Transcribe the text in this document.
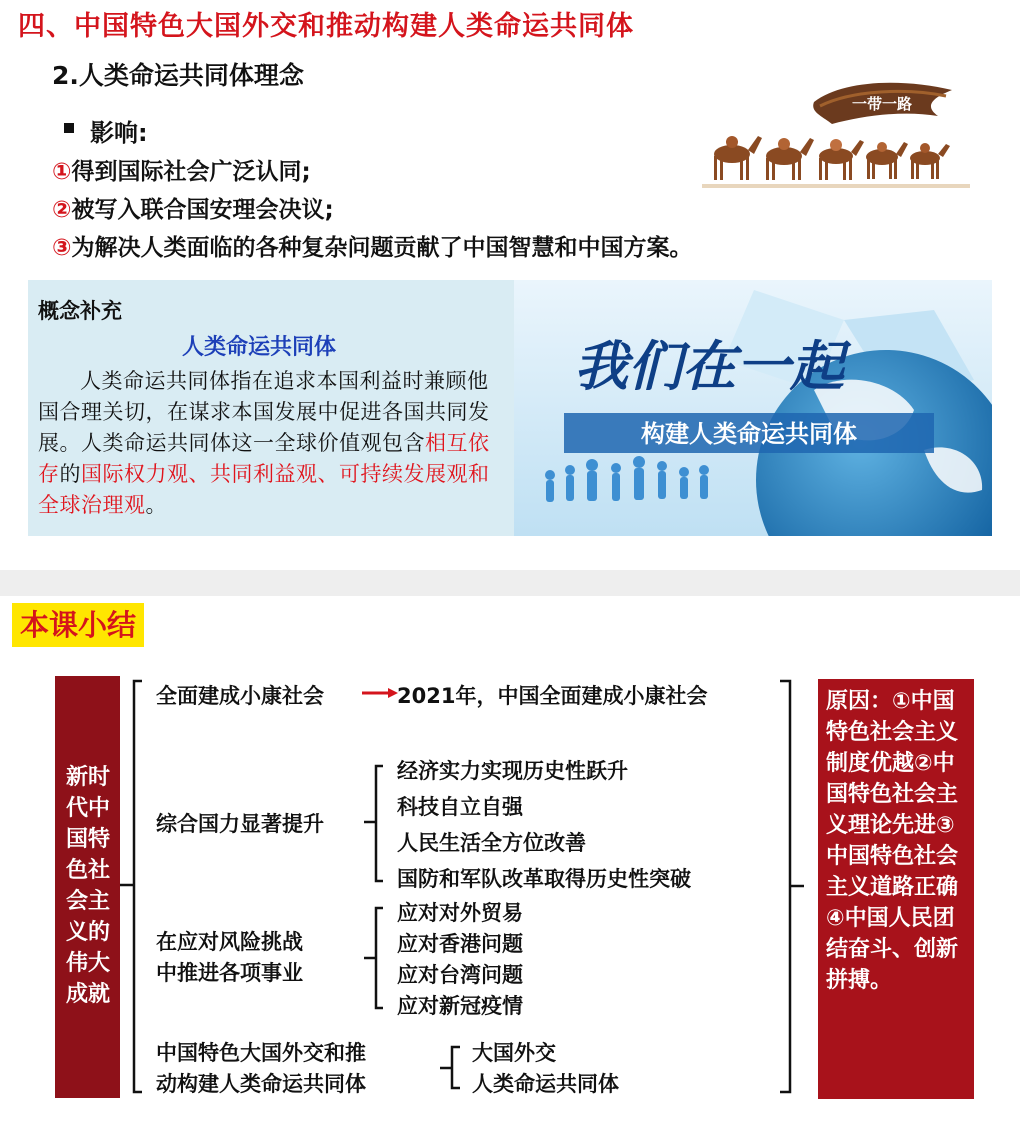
四、中国特色大国外交和推动构建人类命运共同体
2.人类命运共同体理念
影响:
①得到国际社会广泛认同;
②被写入联合国安理会决议;
③为解决人类面临的各种复杂问题贡献了中国智慧和中国方案。
一带一路
概念补充
人类命运共同体
人类命运共同体指在追求本国利益时兼顾他国合理关切，在谋求本国发展中促进各国共同发展。人类命运共同体这一全球价值观包含相互依存的国际权力观、共同利益观、可持续发展观和全球治理观。
我们在一起
构建人类命运共同体
本课小结
新时代中国特色社会主义的伟大成就
原因：①中国特色社会主义制度优越②中国特色社会主义理论先进③中国特色社会主义道路正确④中国人民团结奋斗、创新拼搏。
全面建成小康社会	2021年，中国全面建成小康社会
综合国力显著提升
经济实力实现历史性跃升
科技自立自强
人民生活全方位改善
国防和军队改革取得历史性突破
在应对风险挑战
中推进各项事业
应对对外贸易
应对香港问题
应对台湾问题
应对新冠疫情
中国特色大国外交和推
动构建人类命运共同体
大国外交
人类命运共同体
